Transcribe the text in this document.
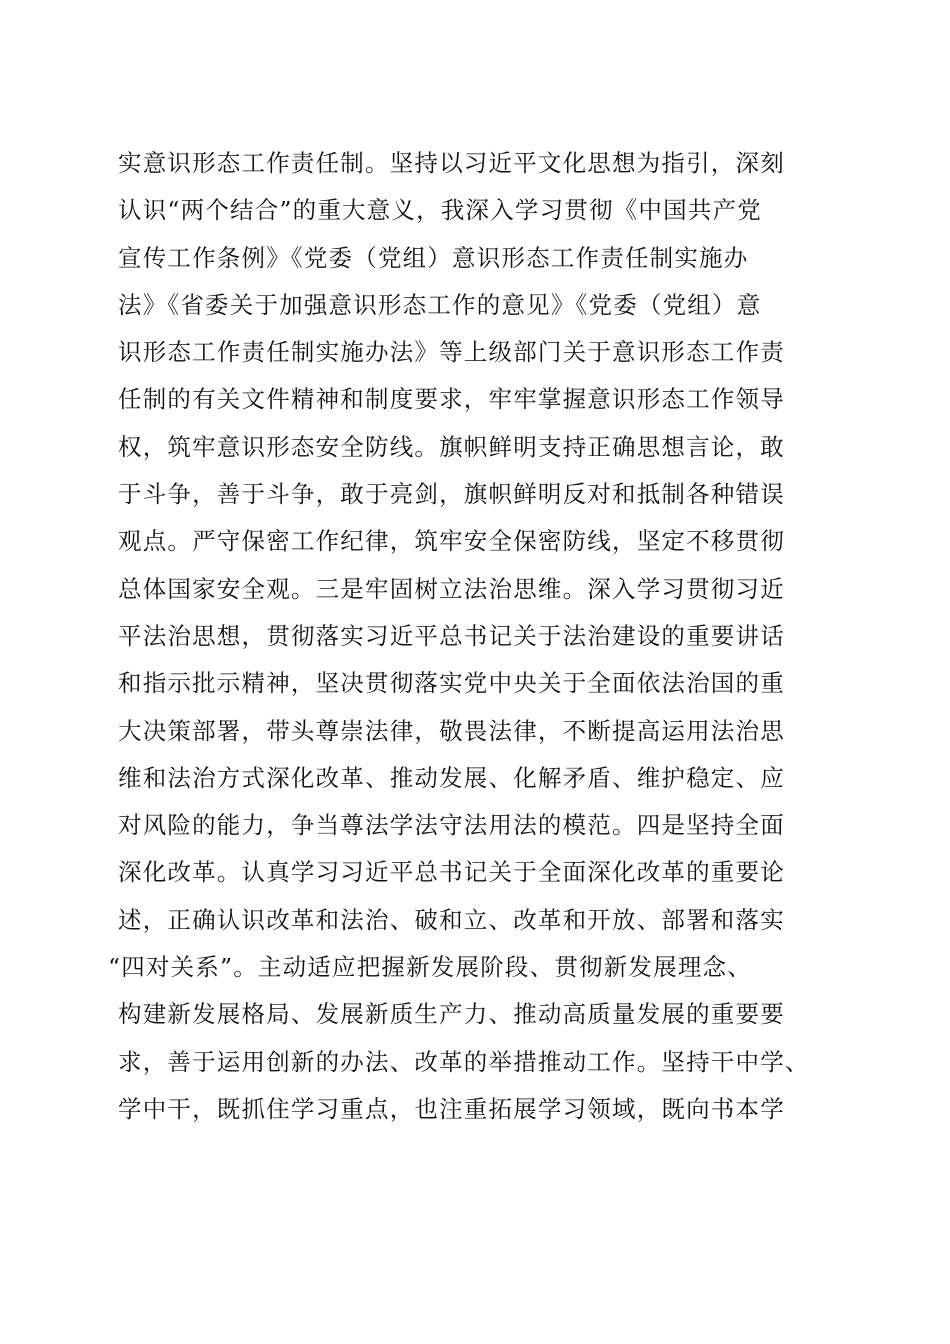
实意识形态工作责任制。坚持以习近平文化思想为指引，深刻
认识“两个结合”的重大意义，我深入学习贯彻《中国共产党
宣传工作条例》《党委（党组）意识形态工作责任制实施办
法》《省委关于加强意识形态工作的意见》《党委（党组）意
识形态工作责任制实施办法》等上级部门关于意识形态工作责
任制的有关文件精神和制度要求，牢牢掌握意识形态工作领导
权，筑牢意识形态安全防线。旗帜鲜明支持正确思想言论，敢
于斗争，善于斗争，敢于亮剑，旗帜鲜明反对和抵制各种错误
观点。严守保密工作纪律，筑牢安全保密防线，坚定不移贯彻
总体国家安全观。三是牢固树立法治思维。深入学习贯彻习近
平法治思想，贯彻落实习近平总书记关于法治建设的重要讲话
和指示批示精神，坚决贯彻落实党中央关于全面依法治国的重
大决策部署，带头尊崇法律，敬畏法律，不断提高运用法治思
维和法治方式深化改革、推动发展、化解矛盾、维护稳定、应
对风险的能力，争当尊法学法守法用法的模范。四是坚持全面
深化改革。认真学习习近平总书记关于全面深化改革的重要论
述，正确认识改革和法治、破和立、改革和开放、部署和落实
“四对关系”。主动适应把握新发展阶段、贯彻新发展理念、
构建新发展格局、发展新质生产力、推动高质量发展的重要要
求，善于运用创新的办法、改革的举措推动工作。坚持干中学、
学中干，既抓住学习重点，也注重拓展学习领域，既向书本学
